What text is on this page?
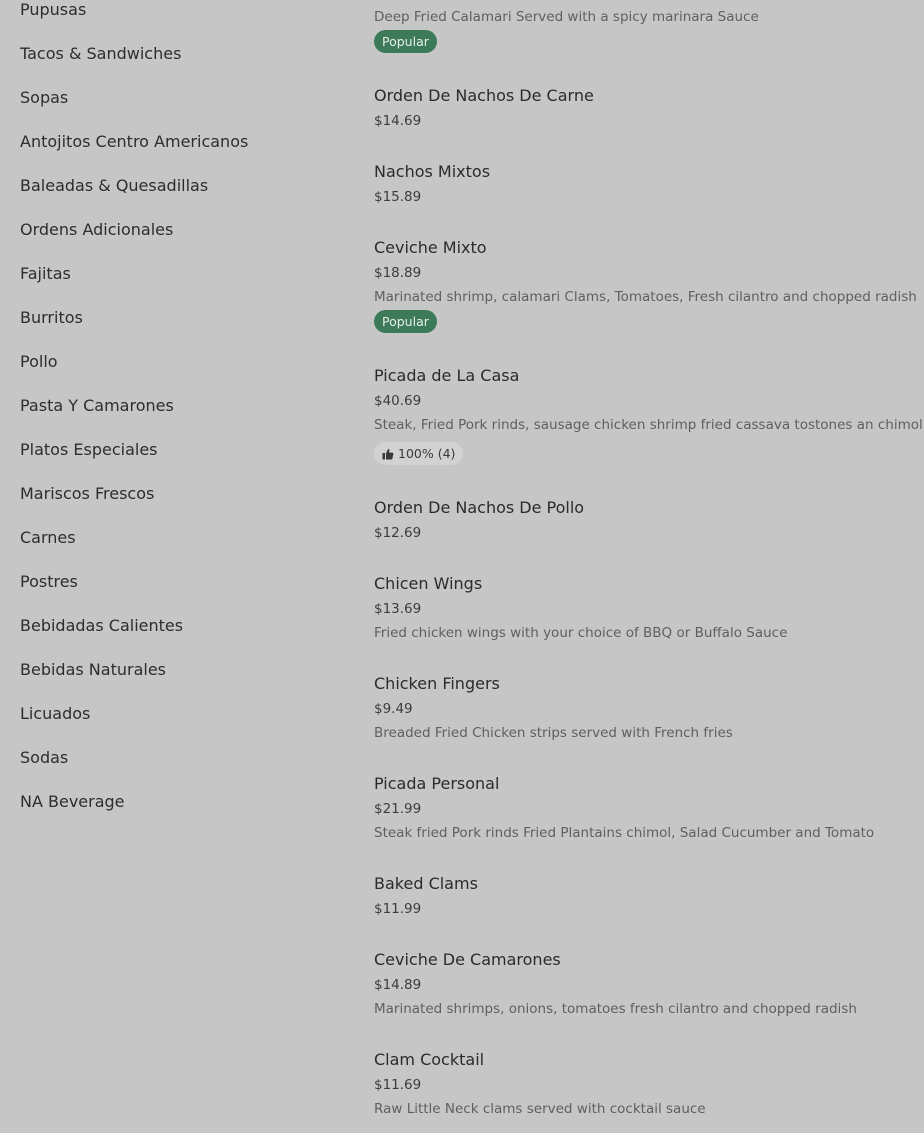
Pupusas
Tacos & Sandwiches
Sopas
Antojitos Centro Americanos
Baleadas & Quesadillas
Ordens Adicionales
Fajitas
Burritos
Pollo
Pasta Y Camarones
Platos Especiales
Mariscos Frescos
Carnes
Postres
Bebidadas Calientes
Bebidas Naturales
Licuados
Sodas
NA Beverage
Deep Fried Calamari Served with a spicy marinara Sauce
Popular
Orden De Nachos De Carne
$14.69
Nachos Mixtos
$15.89
Ceviche Mixto
$18.89
Marinated shrimp, calamari Clams, Tomatoes, Fresh cilantro and chopped radish
Popular
Picada de La Casa
$40.69
Steak, Fried Pork rinds, sausage chicken shrimp fried cassava tostones an chimol
100% (4)
Orden De Nachos De Pollo
$12.69
Chicen Wings
$13.69
Fried chicken wings with your choice of BBQ or Buffalo Sauce
Chicken Fingers
$9.49
Breaded Fried Chicken strips served with French fries
Picada Personal
$21.99
Steak fried Pork rinds Fried Plantains chimol, Salad Cucumber and Tomato
Baked Clams
$11.99
Ceviche De Camarones
$14.89
Marinated shrimps, onions, tomatoes fresh cilantro and chopped radish
Clam Cocktail
$11.69
Raw Little Neck clams served with cocktail sauce
